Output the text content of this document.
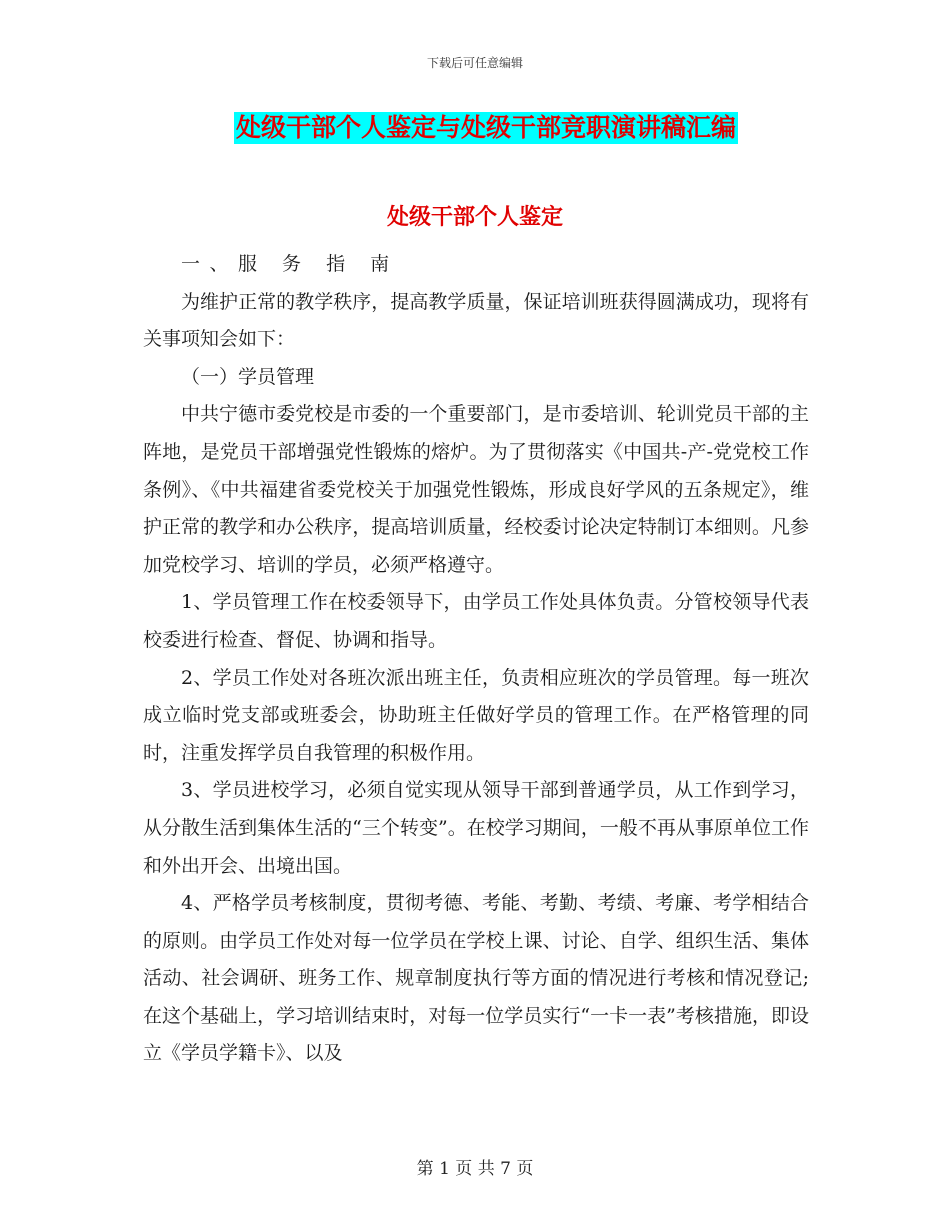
下载后可任意编辑
处级干部个人鉴定与处级干部竞职演讲稿汇编
处级干部个人鉴定

一、服 务 指 南

为维护正常的教学秩序，提高教学质量，保证培训班获得圆满成功，现将有关事项知会如下：

（一）学员管理

中共宁德市委党校是市委的一个重要部门，是市委培训、轮训党员干部的主阵地，是党员干部增强党性锻炼的熔炉。为了贯彻落实《中国共-产-党党校工作条例》、《中共福建省委党校关于加强党性锻炼，形成良好学风的五条规定》，维护正常的教学和办公秩序，提高培训质量，经校委讨论决定特制订本细则。凡参加党校学习、培训的学员，必须严格遵守。

1、学员管理工作在校委领导下，由学员工作处具体负责。分管校领导代表校委进行检查、督促、协调和指导。

2、学员工作处对各班次派出班主任，负责相应班次的学员管理。每一班次成立临时党支部或班委会，协助班主任做好学员的管理工作。在严格管理的同时，注重发挥学员自我管理的积极作用。

3、学员进校学习，必须自觉实现从领导干部到普通学员，从工作到学习，从分散生活到集体生活的“三个转变”。在校学习期间，一般不再从事原单位工作和外出开会、出境出国。

4、严格学员考核制度，贯彻考德、考能、考勤、考绩、考廉、考学相结合的原则。由学员工作处对每一位学员在学校上课、讨论、自学、组织生活、集体活动、社会调研、班务工作、规章制度执行等方面的情况进行考核和情况登记;在这个基础上，学习培训结束时，对每一位学员实行“一卡一表”考核措施，即设立《学员学籍卡》、以及

第 1 页 共 7 页
